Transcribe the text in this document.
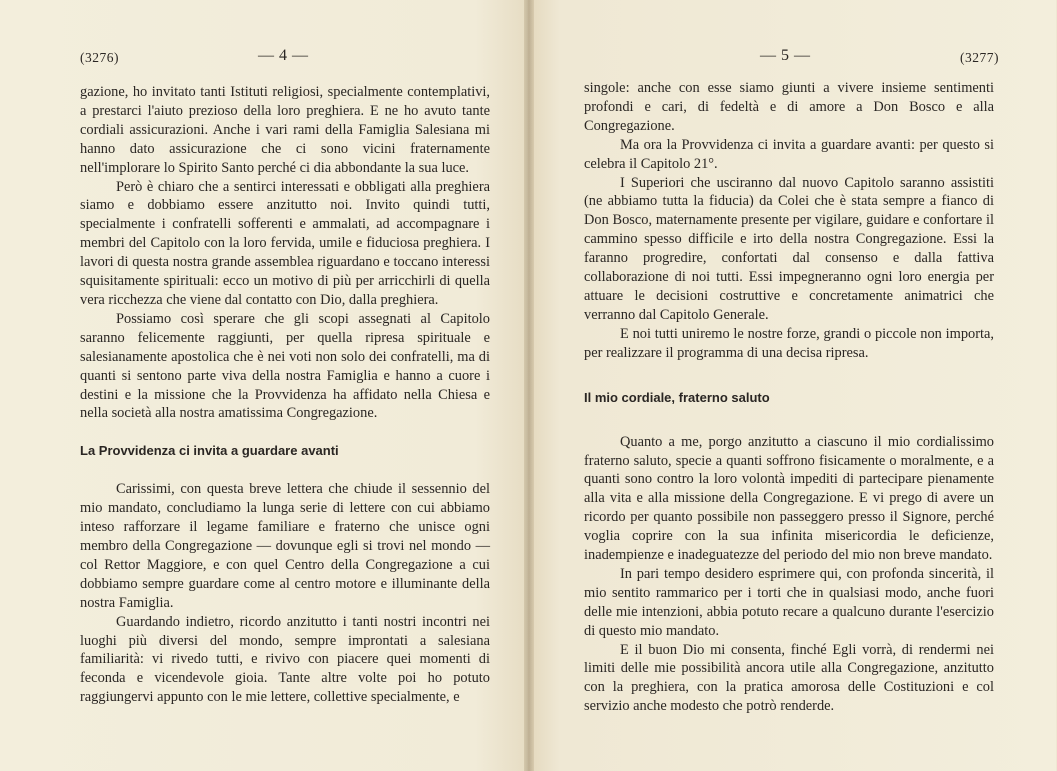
(3276)	— 4 —

gazione, ho invitato tanti Istituti religiosi, specialmente contemplativi, a prestarci l'aiuto prezioso della loro preghiera. E ne ho avuto tante cordiali assicurazioni. Anche i vari rami della Famiglia Salesiana mi hanno dato assicurazione che ci sono vicini fraternamente nell'implorare lo Spirito Santo perché ci dia abbondante la sua luce.

Però è chiaro che a sentirci interessati e obbligati alla preghiera siamo e dobbiamo essere anzitutto noi. Invito quindi tutti, specialmente i confratelli sofferenti e ammalati, ad accompagnare i membri del Capitolo con la loro fervida, umile e fiduciosa preghiera. I lavori di questa nostra grande assemblea riguardano e toccano interessi squisitamente spirituali: ecco un motivo di più per arricchirli di quella vera ricchezza che viene dal contatto con Dio, dalla preghiera.

Possiamo così sperare che gli scopi assegnati al Capitolo saranno felicemente raggiunti, per quella ripresa spirituale e salesianamente apostolica che è nei voti non solo dei confratelli, ma di quanti si sentono parte viva della nostra Famiglia e hanno a cuore i destini e la missione che la Provvidenza ha affidato nella Chiesa e nella società alla nostra amatissima Congregazione.

La Provvidenza ci invita a guardare avanti

Carissimi, con questa breve lettera che chiude il sessennio del mio mandato, concludiamo la lunga serie di lettere con cui abbiamo inteso rafforzare il legame familiare e fraterno che unisce ogni membro della Congregazione — dovunque egli si trovi nel mondo — col Rettor Maggiore, e con quel Centro della Congregazione a cui dobbiamo sempre guardare come al centro motore e illuminante della nostra Famiglia.

Guardando indietro, ricordo anzitutto i tanti nostri incontri nei luoghi più diversi del mondo, sempre improntati a salesiana familiarità: vi rivedo tutti, e rivivo con piacere quei momenti di feconda e vicendevole gioia. Tante altre volte poi ho potuto raggiungervi appunto con le mie lettere, collettive specialmente, e

— 5 —	(3277)

singole: anche con esse siamo giunti a vivere insieme sentimenti profondi e cari, di fedeltà e di amore a Don Bosco e alla Congregazione.

Ma ora la Provvidenza ci invita a guardare avanti: per questo si celebra il Capitolo 21°.

I Superiori che usciranno dal nuovo Capitolo saranno assistiti (ne abbiamo tutta la fiducia) da Colei che è stata sempre a fianco di Don Bosco, maternamente presente per vigilare, guidare e confortare il cammino spesso difficile e irto della nostra Congregazione. Essi la faranno progredire, confortati dal consenso e dalla fattiva collaborazione di noi tutti. Essi impegneranno ogni loro energia per attuare le decisioni costruttive e concretamente animatrici che verranno dal Capitolo Generale.

E noi tutti uniremo le nostre forze, grandi o piccole non importa, per realizzare il programma di una decisa ripresa.

Il mio cordiale, fraterno saluto

Quanto a me, porgo anzitutto a ciascuno il mio cordialissimo fraterno saluto, specie a quanti soffrono fisicamente o moralmente, e a quanti sono contro la loro volontà impediti di partecipare pienamente alla vita e alla missione della Congregazione. E vi prego di avere un ricordo per quanto possibile non passeggero presso il Signore, perché voglia coprire con la sua infinita misericordia le deficienze, inadempienze e inadeguatezze del periodo del mio non breve mandato.

In pari tempo desidero esprimere qui, con profonda sincerità, il mio sentito rammarico per i torti che in qualsiasi modo, anche fuori delle mie intenzioni, abbia potuto recare a qualcuno durante l'esercizio di questo mio mandato.

E il buon Dio mi consenta, finché Egli vorrà, di rendermi nei limiti delle mie possibilità ancora utile alla Congregazione, anzitutto con la preghiera, con la pratica amorosa delle Costituzioni e col servizio anche modesto che potrò renderde.
